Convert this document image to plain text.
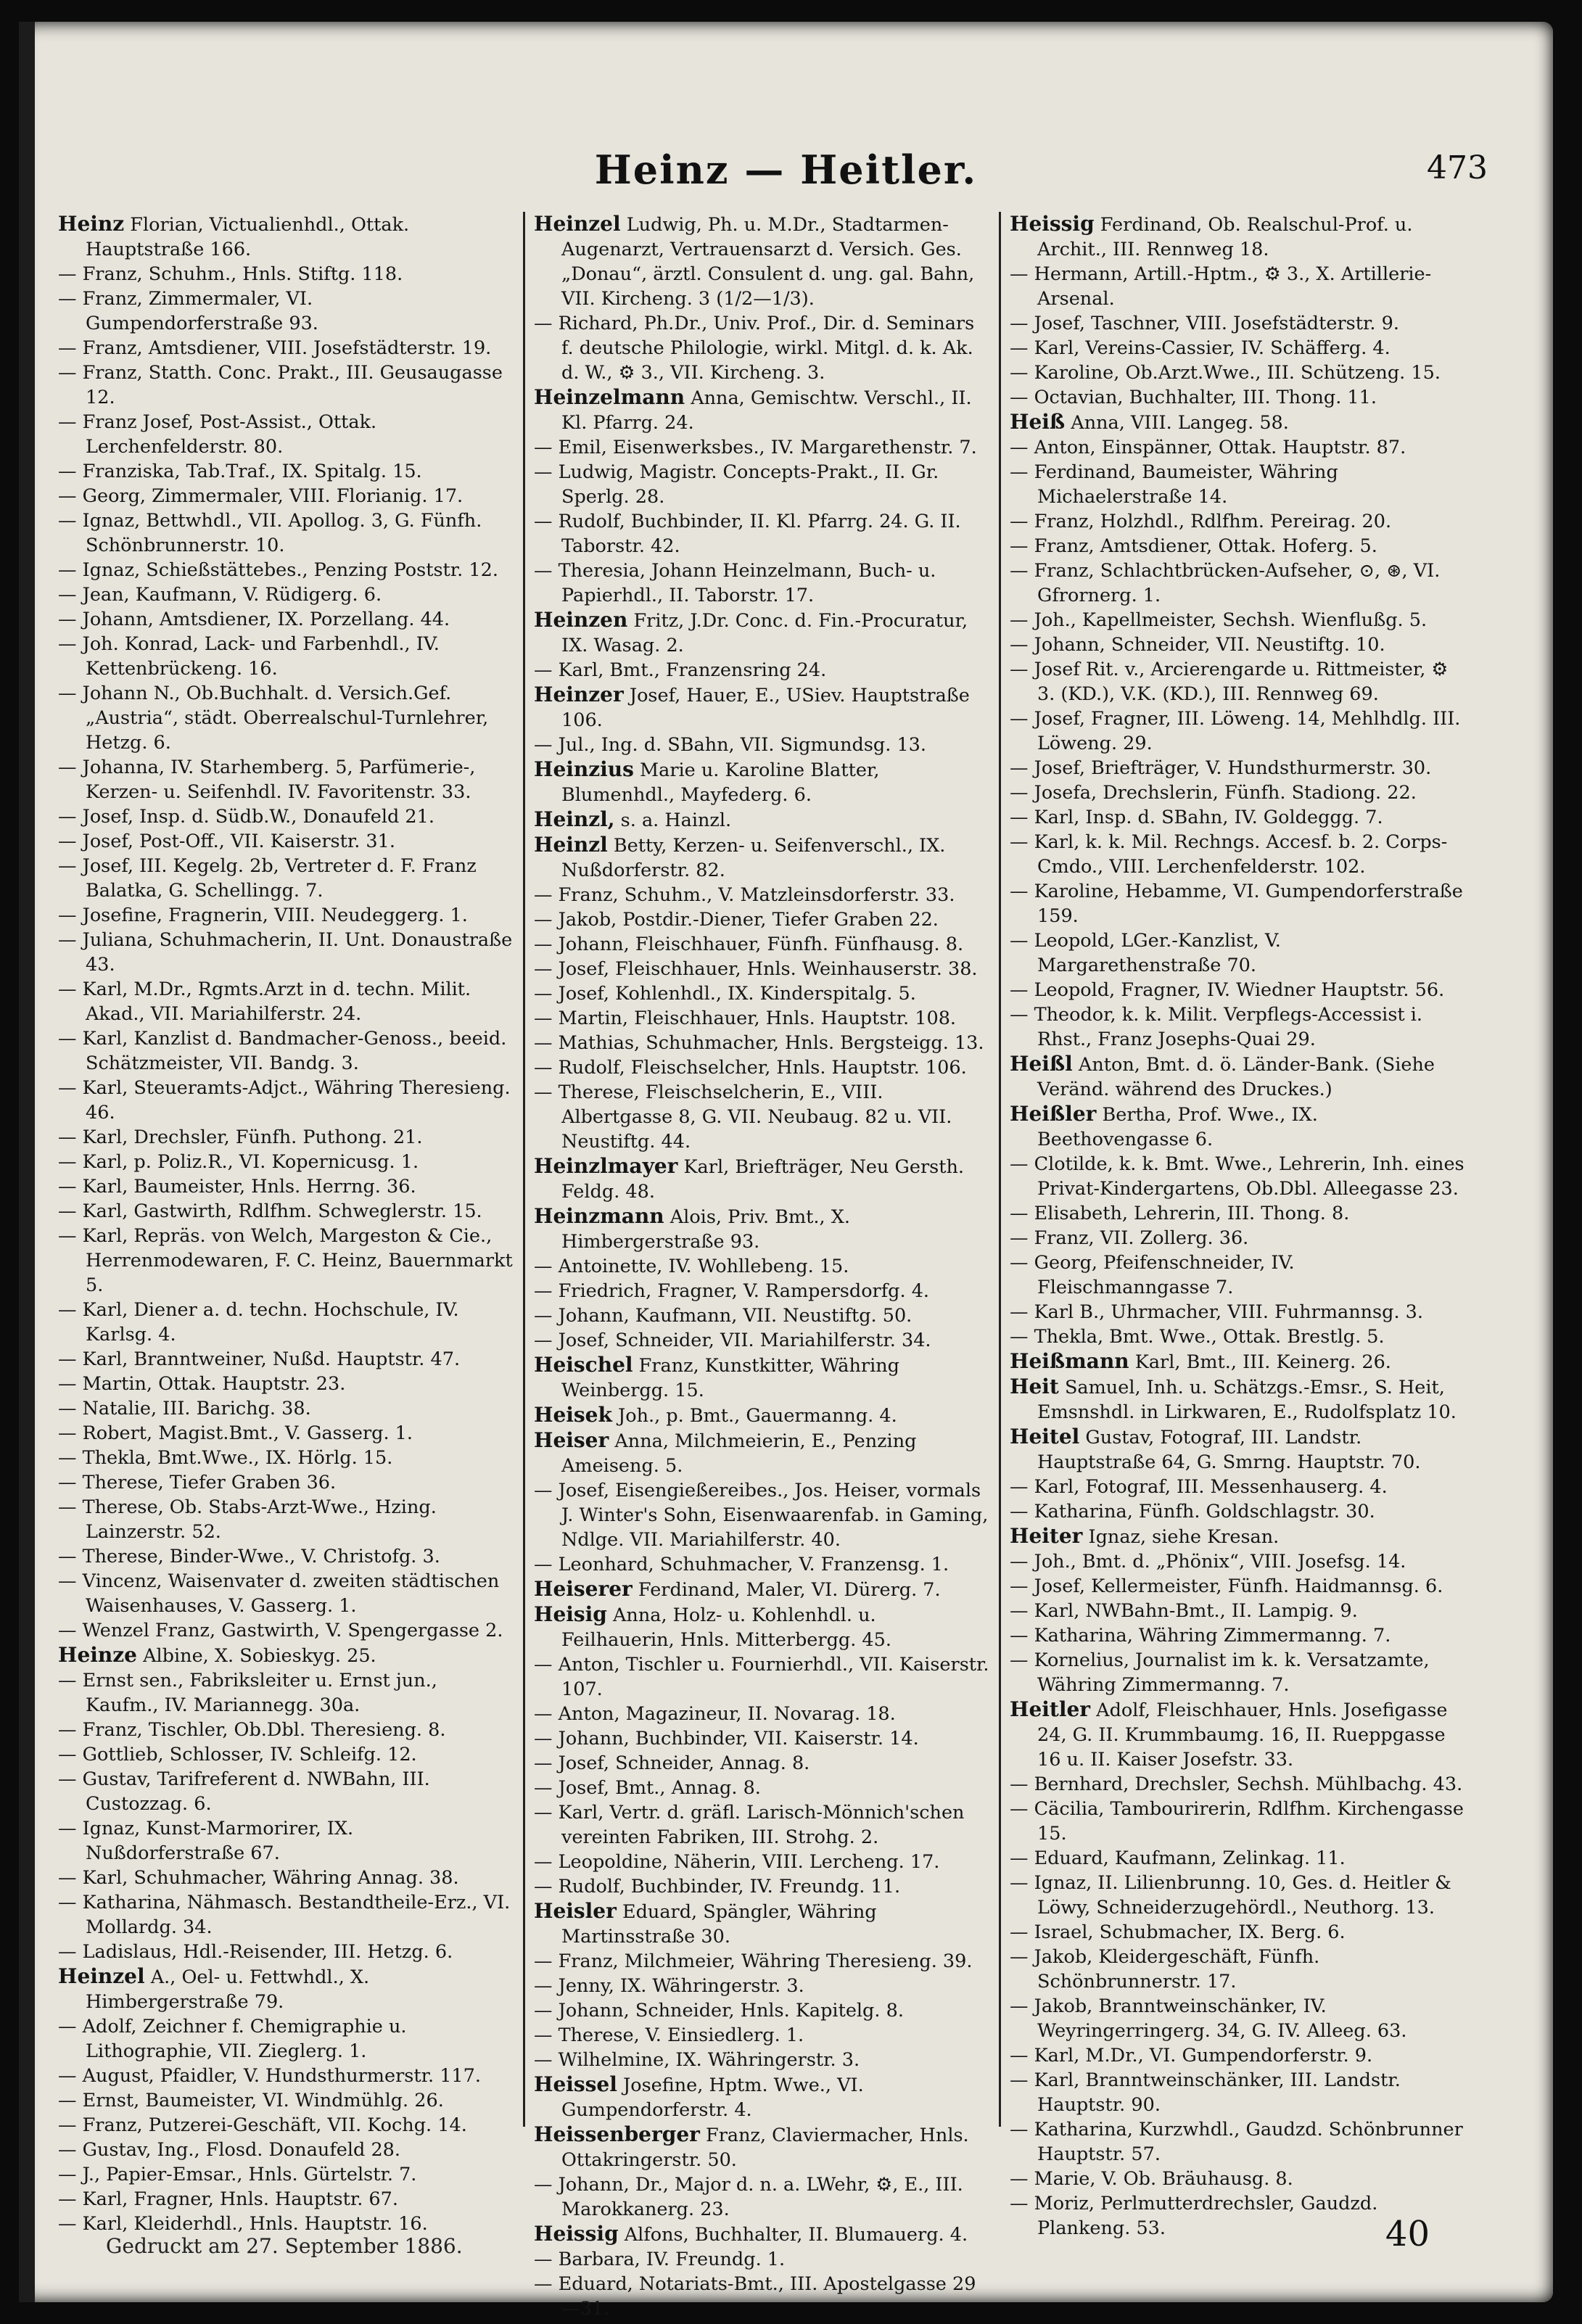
Heinz — Heitler.	473

Heinz Florian, Victualienhdl., Ottak. Hauptstraße 166.

— Franz, Schuhm., Hnls. Stiftg. 118.

— Franz, Zimmermaler, VI. Gumpendorferstraße 93.

— Franz, Amtsdiener, VIII. Josefstädterstr. 19.

— Franz, Statth. Conc. Prakt., III. Geusaugasse 12.

— Franz Josef, Post-Assist., Ottak. Lerchenfelderstr. 80.

— Franziska, Tab.Traf., IX. Spitalg. 15.

— Georg, Zimmermaler, VIII. Florianig. 17.

— Ignaz, Bettwhdl., VII. Apollog. 3, G. Fünfh. Schönbrunnerstr. 10.

— Ignaz, Schießstättebes., Penzing Poststr. 12.

— Jean, Kaufmann, V. Rüdigerg. 6.

— Johann, Amtsdiener, IX. Porzellang. 44.

— Joh. Konrad, Lack- und Farbenhdl., IV. Kettenbrückeng. 16.

— Johann N., Ob.Buchhalt. d. Versich.Gef. „Austria“, städt. Oberrealschul-Turnlehrer, Hetzg. 6.

— Johanna, IV. Starhemberg. 5, Parfümerie-, Kerzen- u. Seifenhdl. IV. Favoritenstr. 33.

— Josef, Insp. d. Südb.W., Donaufeld 21.

— Josef, Post-Off., VII. Kaiserstr. 31.

— Josef, III. Kegelg. 2b, Vertreter d. F. Franz Balatka, G. Schellingg. 7.

— Josefine, Fragnerin, VIII. Neudeggerg. 1.

— Juliana, Schuhmacherin, II. Unt. Donaustraße 43.

— Karl, M.Dr., Rgmts.Arzt in d. techn. Milit. Akad., VII. Mariahilferstr. 24.

— Karl, Kanzlist d. Bandmacher-Genoss., beeid. Schätzmeister, VII. Bandg. 3.

— Karl, Steueramts-Adjct., Währing Theresieng. 46.

— Karl, Drechsler, Fünfh. Puthong. 21.

— Karl, p. Poliz.R., VI. Kopernicusg. 1.

— Karl, Baumeister, Hnls. Herrng. 36.

— Karl, Gastwirth, Rdlfhm. Schweglerstr. 15.

— Karl, Repräs. von Welch, Margeston & Cie., Herrenmodewaren, F. C. Heinz, Bauernmarkt 5.

— Karl, Diener a. d. techn. Hochschule, IV. Karlsg. 4.

— Karl, Branntweiner, Nußd. Hauptstr. 47.

— Martin, Ottak. Hauptstr. 23.

— Natalie, III. Barichg. 38.

— Robert, Magist.Bmt., V. Gasserg. 1.

— Thekla, Bmt.Wwe., IX. Hörlg. 15.

— Therese, Tiefer Graben 36.

— Therese, Ob. Stabs-Arzt-Wwe., Hzing. Lainzerstr. 52.

— Therese, Binder-Wwe., V. Christofg. 3.

— Vincenz, Waisenvater d. zweiten städtischen Waisenhauses, V. Gasserg. 1.

— Wenzel Franz, Gastwirth, V. Spengergasse 2.

Heinze Albine, X. Sobieskyg. 25.

— Ernst sen., Fabriksleiter u. Ernst jun., Kaufm., IV. Mariannegg. 30a.

— Franz, Tischler, Ob.Dbl. Theresieng. 8.

— Gottlieb, Schlosser, IV. Schleifg. 12.

— Gustav, Tarifreferent d. NWBahn, III. Custozzag. 6.

— Ignaz, Kunst-Marmorirer, IX. Nußdorferstraße 67.

— Karl, Schuhmacher, Währing Annag. 38.

— Katharina, Nähmasch. Bestandtheile-Erz., VI. Mollardg. 34.

— Ladislaus, Hdl.-Reisender, III. Hetzg. 6.

Heinzel A., Oel- u. Fettwhdl., X. Himbergerstraße 79.

— Adolf, Zeichner f. Chemigraphie u. Lithographie, VII. Zieglerg. 1.

— August, Pfaidler, V. Hundsthurmerstr. 117.

— Ernst, Baumeister, VI. Windmühlg. 26.

— Franz, Putzerei-Geschäft, VII. Kochg. 14.

— Gustav, Ing., Flosd. Donaufeld 28.

— J., Papier-Emsar., Hnls. Gürtelstr. 7.

— Karl, Fragner, Hnls. Hauptstr. 67.

— Karl, Kleiderhdl., Hnls. Hauptstr. 16.

Heinzel Ludwig, Ph. u. M.Dr., Stadtarmen-Augenarzt, Vertrauensarzt d. Versich. Ges. „Donau“, ärztl. Consulent d. ung. gal. Bahn, VII. Kircheng. 3 (1/2—1/3).

— Richard, Ph.Dr., Univ. Prof., Dir. d. Seminars f. deutsche Philologie, wirkl. Mitgl. d. k. Ak. d. W., ⚙ 3., VII. Kircheng. 3.

Heinzelmann Anna, Gemischtw. Verschl., II. Kl. Pfarrg. 24.

— Emil, Eisenwerksbes., IV. Margarethenstr. 7.

— Ludwig, Magistr. Concepts-Prakt., II. Gr. Sperlg. 28.

— Rudolf, Buchbinder, II. Kl. Pfarrg. 24. G. II. Taborstr. 42.

— Theresia, Johann Heinzelmann, Buch- u. Papierhdl., II. Taborstr. 17.

Heinzen Fritz, J.Dr. Conc. d. Fin.-Procuratur, IX. Wasag. 2.

— Karl, Bmt., Franzensring 24.

Heinzer Josef, Hauer, E., USiev. Hauptstraße 106.

— Jul., Ing. d. SBahn, VII. Sigmundsg. 13.

Heinzius Marie u. Karoline Blatter, Blumenhdl., Mayfederg. 6.

Heinzl, s. a. Hainzl.

Heinzl Betty, Kerzen- u. Seifenverschl., IX. Nußdorferstr. 82.

— Franz, Schuhm., V. Matzleinsdorferstr. 33.

— Jakob, Postdir.-Diener, Tiefer Graben 22.

— Johann, Fleischhauer, Fünfh. Fünfhausg. 8.

— Josef, Fleischhauer, Hnls. Weinhauserstr. 38.

— Josef, Kohlenhdl., IX. Kinderspitalg. 5.

— Martin, Fleischhauer, Hnls. Hauptstr. 108.

— Mathias, Schuhmacher, Hnls. Bergsteigg. 13.

— Rudolf, Fleischselcher, Hnls. Hauptstr. 106.

— Therese, Fleischselcherin, E., VIII. Albertgasse 8, G. VII. Neubaug. 82 u. VII. Neustiftg. 44.

Heinzlmayer Karl, Briefträger, Neu Gersth. Feldg. 48.

Heinzmann Alois, Priv. Bmt., X. Himbergerstraße 93.

— Antoinette, IV. Wohllebeng. 15.

— Friedrich, Fragner, V. Rampersdorfg. 4.

— Johann, Kaufmann, VII. Neustiftg. 50.

— Josef, Schneider, VII. Mariahilferstr. 34.

Heischel Franz, Kunstkitter, Währing Weinbergg. 15.

Heisek Joh., p. Bmt., Gauermanng. 4.

Heiser Anna, Milchmeierin, E., Penzing Ameiseng. 5.

— Josef, Eisengießereibes., Jos. Heiser, vormals J. Winter's Sohn, Eisenwaarenfab. in Gaming, Ndlge. VII. Mariahilferstr. 40.

— Leonhard, Schuhmacher, V. Franzensg. 1.

Heiserer Ferdinand, Maler, VI. Dürerg. 7.

Heisig Anna, Holz- u. Kohlenhdl. u. Feilhauerin, Hnls. Mitterbergg. 45.

— Anton, Tischler u. Fournierhdl., VII. Kaiserstr. 107.

— Anton, Magazineur, II. Novarag. 18.

— Johann, Buchbinder, VII. Kaiserstr. 14.

— Josef, Schneider, Annag. 8.

— Josef, Bmt., Annag. 8.

— Karl, Vertr. d. gräfl. Larisch-Mönnich'schen vereinten Fabriken, III. Strohg. 2.

— Leopoldine, Näherin, VIII. Lercheng. 17.

— Rudolf, Buchbinder, IV. Freundg. 11.

Heisler Eduard, Spängler, Währing Martinsstraße 30.

— Franz, Milchmeier, Währing Theresieng. 39.

— Jenny, IX. Währingerstr. 3.

— Johann, Schneider, Hnls. Kapitelg. 8.

— Therese, V. Einsiedlerg. 1.

— Wilhelmine, IX. Währingerstr. 3.

Heissel Josefine, Hptm. Wwe., VI. Gumpendorferstr. 4.

Heissenberger Franz, Claviermacher, Hnls. Ottakringerstr. 50.

— Johann, Dr., Major d. n. a. LWehr, ⚙, E., III. Marokkanerg. 23.

Heissig Alfons, Buchhalter, II. Blumauerg. 4.

— Barbara, IV. Freundg. 1.

— Eduard, Notariats-Bmt., III. Apostelgasse 29—31.

Heissig Ferdinand, Ob. Realschul-Prof. u. Archit., III. Rennweg 18.

— Hermann, Artill.-Hptm., ⚙ 3., X. Artillerie-Arsenal.

— Josef, Taschner, VIII. Josefstädterstr. 9.

— Karl, Vereins-Cassier, IV. Schäfferg. 4.

— Karoline, Ob.Arzt.Wwe., III. Schützeng. 15.

— Octavian, Buchhalter, III. Thong. 11.

Heiß Anna, VIII. Langeg. 58.

— Anton, Einspänner, Ottak. Hauptstr. 87.

— Ferdinand, Baumeister, Währing Michaelerstraße 14.

— Franz, Holzhdl., Rdlfhm. Pereirag. 20.

— Franz, Amtsdiener, Ottak. Hoferg. 5.

— Franz, Schlachtbrücken-Aufseher, ⊙, ⊛, VI. Gfrornerg. 1.

— Joh., Kapellmeister, Sechsh. Wienflußg. 5.

— Johann, Schneider, VII. Neustiftg. 10.

— Josef Rit. v., Arcierengarde u. Rittmeister, ⚙ 3. (KD.), V.K. (KD.), III. Rennweg 69.

— Josef, Fragner, III. Löweng. 14, Mehlhdlg. III. Löweng. 29.

— Josef, Briefträger, V. Hundsthurmerstr. 30.

— Josefa, Drechslerin, Fünfh. Stadiong. 22.

— Karl, Insp. d. SBahn, IV. Goldeggg. 7.

— Karl, k. k. Mil. Rechngs. Accesf. b. 2. Corps-Cmdo., VIII. Lerchenfelderstr. 102.

— Karoline, Hebamme, VI. Gumpendorferstraße 159.

— Leopold, LGer.-Kanzlist, V. Margarethenstraße 70.

— Leopold, Fragner, IV. Wiedner Hauptstr. 56.

— Theodor, k. k. Milit. Verpflegs-Accessist i. Rhst., Franz Josephs-Quai 29.

Heißl Anton, Bmt. d. ö. Länder-Bank. (Siehe Veränd. während des Druckes.)

Heißler Bertha, Prof. Wwe., IX. Beethovengasse 6.

— Clotilde, k. k. Bmt. Wwe., Lehrerin, Inh. eines Privat-Kindergartens, Ob.Dbl. Alleegasse 23.

— Elisabeth, Lehrerin, III. Thong. 8.

— Franz, VII. Zollerg. 36.

— Georg, Pfeifenschneider, IV. Fleischmanngasse 7.

— Karl B., Uhrmacher, VIII. Fuhrmannsg. 3.

— Thekla, Bmt. Wwe., Ottak. Brestlg. 5.

Heißmann Karl, Bmt., III. Keinerg. 26.

Heit Samuel, Inh. u. Schätzgs.-Emsr., S. Heit, Emsnshdl. in Lirkwaren, E., Rudolfsplatz 10.

Heitel Gustav, Fotograf, III. Landstr. Hauptstraße 64, G. Smrng. Hauptstr. 70.

— Karl, Fotograf, III. Messenhauserg. 4.

— Katharina, Fünfh. Goldschlagstr. 30.

Heiter Ignaz, siehe Kresan.

— Joh., Bmt. d. „Phönix“, VIII. Josefsg. 14.

— Josef, Kellermeister, Fünfh. Haidmannsg. 6.

— Karl, NWBahn-Bmt., II. Lampig. 9.

— Katharina, Währing Zimmermanng. 7.

— Kornelius, Journalist im k. k. Versatzamte, Währing Zimmermanng. 7.

Heitler Adolf, Fleischhauer, Hnls. Josefigasse 24, G. II. Krummbaumg. 16, II. Rueppgasse 16 u. II. Kaiser Josefstr. 33.

— Bernhard, Drechsler, Sechsh. Mühlbachg. 43.

— Cäcilia, Tambourirerin, Rdlfhm. Kirchengasse 15.

— Eduard, Kaufmann, Zelinkag. 11.

— Ignaz, II. Lilienbrunng. 10, Ges. d. Heitler & Löwy, Schneiderzugehördl., Neuthorg. 13.

— Israel, Schubmacher, IX. Berg. 6.

— Jakob, Kleidergeschäft, Fünfh. Schönbrunnerstr. 17.

— Jakob, Branntweinschänker, IV. Weyringerringerg. 34, G. IV. Alleeg. 63.

— Karl, M.Dr., VI. Gumpendorferstr. 9.

— Karl, Branntweinschänker, III. Landstr. Hauptstr. 90.

— Katharina, Kurzwhdl., Gaudzd. Schönbrunner Hauptstr. 57.

— Marie, V. Ob. Bräuhausg. 8.

— Moriz, Perlmutterdrechsler, Gaudzd. Plankeng. 53.

Gedruckt am 27. September 1886.	40
